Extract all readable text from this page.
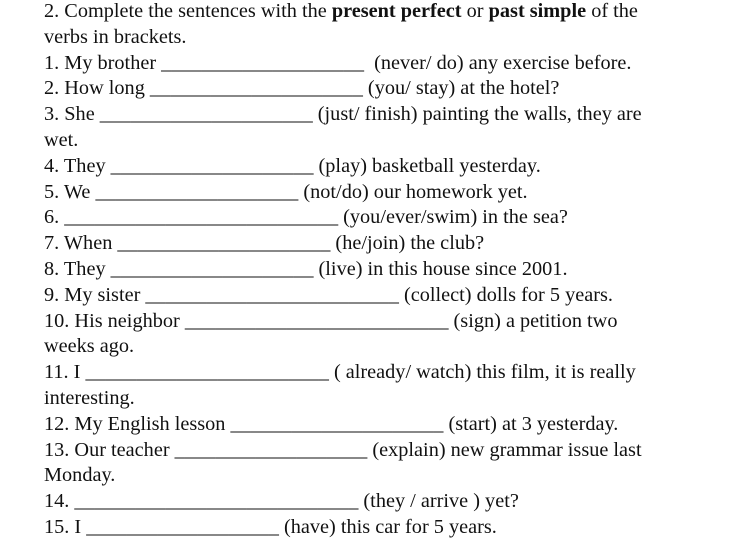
2. Complete the sentences with the present perfect or past simple of the
verbs in brackets.
1. My brother ____________________  (never/ do) any exercise before.
2. How long _____________________ (you/ stay) at the hotel?
3. She _____________________ (just/ finish) painting the walls, they are
wet.
4. They ____________________ (play) basketball yesterday.
5. We ____________________ (not/do) our homework yet.
6. ___________________________ (you/ever/swim) in the sea?
7. When _____________________ (he/join) the club?
8. They ____________________ (live) in this house since 2001.
9. My sister _________________________ (collect) dolls for 5 years.
10. His neighbor __________________________ (sign) a petition two
weeks ago.
11. I ________________________ ( already/ watch) this film, it is really
interesting.
12. My English lesson _____________________ (start) at 3 yesterday.
13. Our teacher ___________________ (explain) new grammar issue last
Monday.
14. ____________________________ (they / arrive ) yet?
15. I ___________________ (have) this car for 5 years.
